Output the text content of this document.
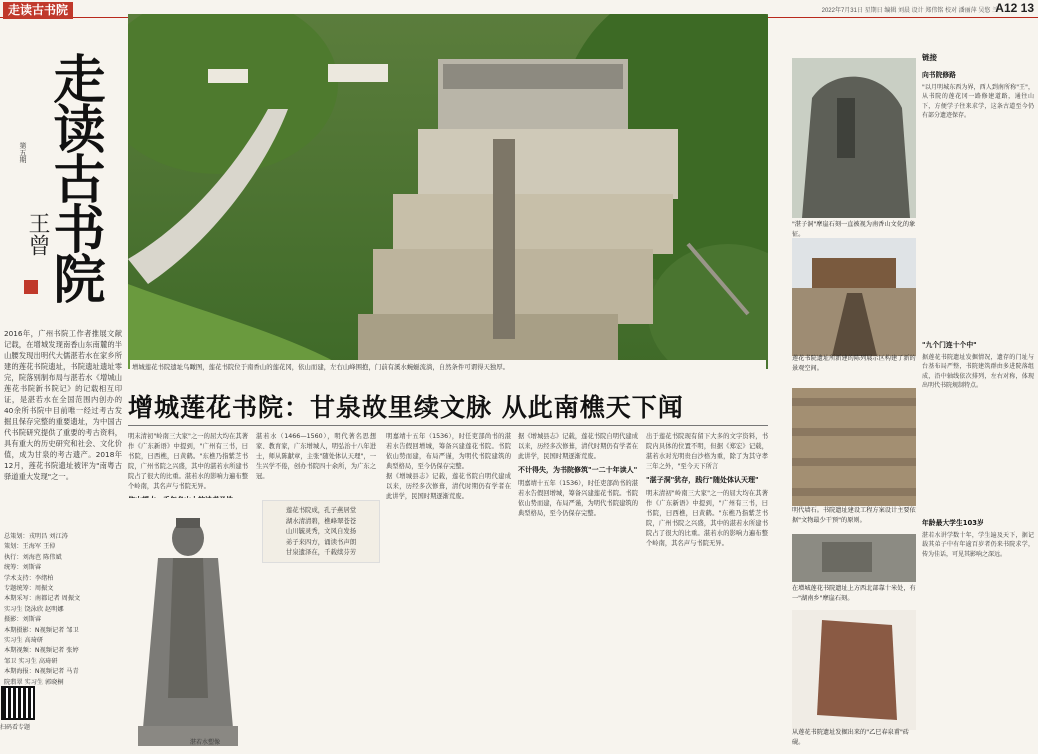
走读古书院	2022年7月31日 星期日 编辑 刘晨 设计 郑伟铭 校对 潘丽萍 吴悠 兰
A12 13
走读古书院
第五期
王曾
2016年，广州书院工作者推展文献记载，在增城发现南香山东南麓的半山腰发现出明代大儒湛若水在家乡所建的莲花书院遗址，书院遗址遗址零完，院落别制布局与湛若水《增城山莲花书院新书院记》的记载相互印证，是湛若水在全国范围内创办的40余所书院中目前唯一经过考古发掘且保存完整的重要遗址，为中国古代书院研究提供了重要的考古资料，具有重大的历史研究和社会、文化价值，成为甘泉的考古遗产。2018年12月，莲花书院遗址被评为"南粤古驿道重大发现"之一。
总策划：戎明昌 刘江涛
策划：王海军 王倬
执行：刘海芭 陈伟斌
统筹：刘斯睿
学术支持：李绪柏
专题统筹：周振文
本期采写：南都记者 周振文
实习生 饶泳欣 赵明娜
摄影：刘斯睿
本期摄影：N视频记者 邹卫
实习生 高琦研
本期视频：N视频记者 张婷
邹卫 实习生 高琦研
本期海报：N视频记者 马青
院翡翠 实习生 郭晓桐
扫码看专题
增城莲花书院遗址鸟瞰图，莲花书院位于南香山的莲花冈，依山而建，左右山峰围抱，门前有溪水蜿蜒流淌，自然条件可谓得天独厚。
增城莲花书院：甘泉故里续文脉 从此南樵天下闻
明末清初"岭南三大家"之一的屈大均在其著作《广东新语》中提到，"广州有三书，曰书院，曰西樵，曰黄鹤。"东樵乃指紫芝书院，广州书院之兴盛，其中的湛若水所建书院占了很大的比重。湛若水的影响力遍布整个岭南，其名声与书院无异。
湛若水（1466—1560），明代著名思想家、教育家，广东增城人，明弘治十八年进士，师从陈献章，主张"随处体认天理"，一生兴学不倦，创办书院四十余所，为广东之冠。
明嘉靖十五年（1536），时任吏部尚书的湛若水告假回增城，筹备兴建莲花书院。书院依山势而建，布局严谨，为明代书院建筑的典型格局，至今仍保存完整。
据《增城县志》记载，莲花书院自明代建成以来，历经多次修葺，清代时期仍有学者在此讲学，民国时期逐渐荒废。
据《增城县志》记载，莲花书院自明代建成以来，历经多次修葺，清代时期仍有学者在此讲学，民国时期逐渐荒废。
不计得失，为书院修筑"一二十年读人"
明嘉靖十五年（1536），时任吏部尚书的湛若水告假回增城，筹备兴建莲花书院。书院依山势而建，布局严谨，为明代书院建筑的典型格局，至今仍保存完整。
出于莲花书院现有留下大多的文字资料，书院内具体的位置不明，但据《郑宏》记载，湛若水对光明贵白沙格为重，除了为其守孝三年之外，"至今天下所言
"湛子洞"犹存，践行"随处体认天理"
明末清初"岭南三大家"之一的屈大均在其著作《广东新语》中提到，"广州有三书，曰书院，曰西樵，曰黄鹤。"东樵乃指紫芝书院，广州书院之兴盛，其中的湛若水所建书院占了很大的比重。湛若水的影响力遍布整个岭南，其名声与书院无异。
湛若水塑像
莲花书院成，孔子燕居堂
湖水清清碧，樵峰翠苍苍
山川毓灵秀，文风自发扬
弟子来四方，诵读书声朗
甘泉遗泽在，千载续芬芳
"湛子洞"摩崖石刻一直被视为南香山文化的象征。
莲花书院遗址所新建的陈列展示区构建了新的景观空间。
明代墙石。书院遗址建设工程方案设计主要依据"文物最少干预"的原则。
在增城莲花书院遗址上方西北部靠十米处，有一"湖南乡"摩崖石刻。
从莲花书院遗址发掘出来的"乙巳春泉甫"砖砚。
链接
向书院修路
"以月明城东西为界，西人到南所称"王"，从书院的莲花冈一路修建道路，通往山下，方便学子往来求学，这条古道至今仍有部分遗迹保存。
"九个门连十个中"
据莲花书院遗址发掘情况，遗存的门址与台基布局严整，书院建筑群由多进院落组成，沿中轴线依次排列，左右对称，体现出明代书院规制特点。
年龄最大学生103岁
湛若水讲学数十年，学生遍及天下，据记载其弟子中有年逾百岁者仍来书院求学，传为佳话，可见其影响之深远。
